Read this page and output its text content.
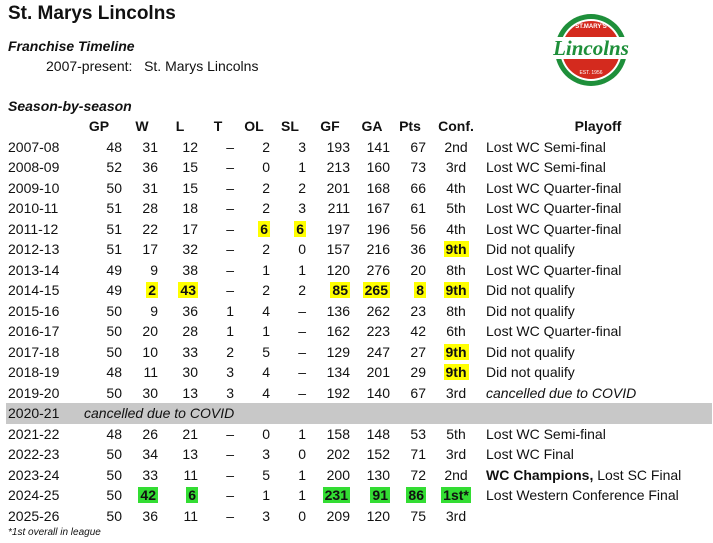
St. Marys Lincolns
Franchise Timeline
2007-present: St. Marys Lincolns
ST.MARY'S
Lincolns
EST. 1956
Season-by-season
	GP	W	L	T	OL	SL	GF	GA	Pts	Conf.	Playoff
2007-08	48	31	12	–	2	3	193	141	67	2nd	Lost WC Semi-final
2008-09	52	36	15	–	0	1	213	160	73	3rd	Lost WC Semi-final
2009-10	50	31	15	–	2	2	201	168	66	4th	Lost WC Quarter-final
2010-11	51	28	18	–	2	3	211	167	61	5th	Lost WC Quarter-final
2011-12	51	22	17	–	6	6	197	196	56	4th	Lost WC Quarter-final
2012-13	51	17	32	–	2	0	157	216	36	9th	Did not qualify
2013-14	49	9	38	–	1	1	120	276	20	8th	Lost WC Quarter-final
2014-15	49	2	43	–	2	2	85	265	8	9th	Did not qualify
2015-16	50	9	36	1	4	–	136	262	23	8th	Did not qualify
2016-17	50	20	28	1	1	–	162	223	42	6th	Lost WC Quarter-final
2017-18	50	10	33	2	5	–	129	247	27	9th	Did not qualify
2018-19	48	11	30	3	4	–	134	201	29	9th	Did not qualify
2019-20	50	30	13	3	4	–	192	140	67	3rd	cancelled due to COVID
2020-21	cancelled due to COVID										
2021-22	48	26	21	–	0	1	158	148	53	5th	Lost WC Semi-final
2022-23	50	34	13	–	3	0	202	152	71	3rd	Lost WC Final
2023-24	50	33	11	–	5	1	200	130	72	2nd	WC Champions, Lost SC Final
2024-25	50	42	6	–	1	1	231	91	86	1st*	Lost Western Conference Final
2025-26	50	36	11	–	3	0	209	120	75	3rd	
*1st overall in league
